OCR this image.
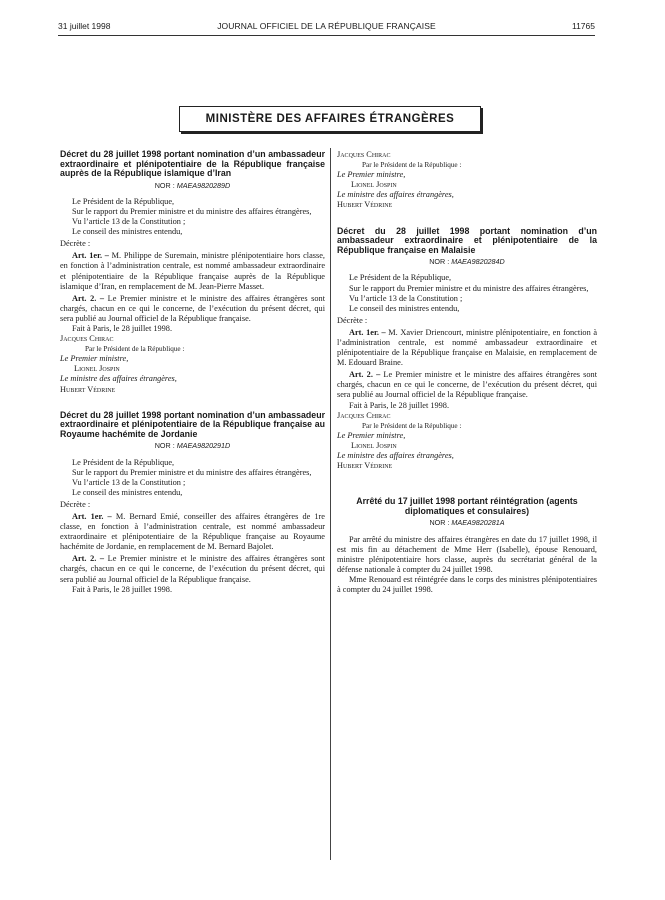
31 juillet 1998	JOURNAL OFFICIEL DE LA RÉPUBLIQUE FRANÇAISE	11765
MINISTÈRE DES AFFAIRES ÉTRANGÈRES

Décret du 28 juillet 1998 portant nomination d’un ambassadeur extraordinaire et plénipotentiaire de la République française auprès de la République islamique d’Iran

NOR : MAEA9820289D

Le Président de la République,

Sur le rapport du Premier ministre et du ministre des affaires étrangères,

Vu l’article 13 de la Constitution ;

Le conseil des ministres entendu,

Décrète :

Art. 1er. – M. Philippe de Suremain, ministre plénipotentiaire hors classe, en fonction à l’administration centrale, est nommé ambassadeur extraordinaire et plénipotentiaire de la République française auprès de la République islamique d’Iran, en remplacement de M. Jean-Pierre Masset.

Art. 2. – Le Premier ministre et le ministre des affaires étrangères sont chargés, chacun en ce qui le concerne, de l’exécution du présent décret, qui sera publié au Journal officiel de la République française.

Fait à Paris, le 28 juillet 1998.

Jacques Chirac

Par le Président de la République :

Le Premier ministre,

Lionel Jospin

Le ministre des affaires étrangères,

Hubert Védrine

Décret du 28 juillet 1998 portant nomination d’un ambassadeur extraordinaire et plénipotentiaire de la République française au Royaume hachémite de Jordanie

NOR : MAEA9820291D

Le Président de la République,

Sur le rapport du Premier ministre et du ministre des affaires étrangères,

Vu l’article 13 de la Constitution ;

Le conseil des ministres entendu,

Décrète :

Art. 1er. – M. Bernard Emié, conseiller des affaires étrangères de 1re classe, en fonction à l’administration centrale, est nommé ambassadeur extraordinaire et plénipotentiaire de la République française au Royaume hachémite de Jordanie, en remplacement de M. Bernard Bajolet.

Art. 2. – Le Premier ministre et le ministre des affaires étrangères sont chargés, chacun en ce qui le concerne, de l’exécution du présent décret, qui sera publié au Journal officiel de la République française.

Fait à Paris, le 28 juillet 1998.

Jacques Chirac

Par le Président de la République :

Le Premier ministre,

Lionel Jospin

Le ministre des affaires étrangères,

Hubert Védrine

Décret du 28 juillet 1998 portant nomination d’un ambassadeur extraordinaire et plénipotentiaire de la République française en Malaisie

NOR : MAEA9820284D

Le Président de la République,

Sur le rapport du Premier ministre et du ministre des affaires étrangères,

Vu l’article 13 de la Constitution ;

Le conseil des ministres entendu,

Décrète :

Art. 1er. – M. Xavier Driencourt, ministre plénipotentiaire, en fonction à l’administration centrale, est nommé ambassadeur extraordinaire et plénipotentiaire de la République française en Malaisie, en remplacement de M. Edouard Braine.

Art. 2. – Le Premier ministre et le ministre des affaires étrangères sont chargés, chacun en ce qui le concerne, de l’exécution du présent décret, qui sera publié au Journal officiel de la République française.

Fait à Paris, le 28 juillet 1998.

Jacques Chirac

Par le Président de la République :

Le Premier ministre,

Lionel Jospin

Le ministre des affaires étrangères,

Hubert Védrine

Arrêté du 17 juillet 1998 portant réintégration (agents diplomatiques et consulaires)

NOR : MAEA9820281A

Par arrêté du ministre des affaires étrangères en date du 17 juillet 1998, il est mis fin au détachement de Mme Herr (Isabelle), épouse Renouard, ministre plénipotentiaire hors classe, auprès du secrétariat général de la défense nationale à compter du 24 juillet 1998.

Mme Renouard est réintégrée dans le corps des ministres plénipotentiaires à compter du 24 juillet 1998.
